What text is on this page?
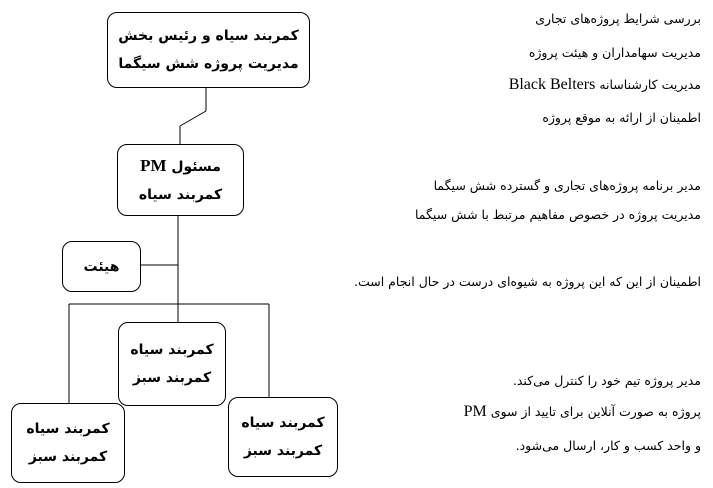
کمربند سیاه و رئیس بخش
مدیریت پروژه شش سیگما
مسئول PM
کمربند سیاه
هیئت
کمربند سیاه
کمربند سبز
کمربند سیاه
کمربند سبز
کمربند سیاه
کمربند سبز
بررسی شرایط پروژه‌های تجاری
مدیریت سهامداران و هیئت پروژه
مدیریت کارشناسانه Black Belters
اطمینان از ارائه به موقع پروژه
مدیر برنامه پروژه‌های تجاری و گسترده شش سیگما
مدیریت پروژه در خصوص مفاهیم مرتبط با شش سیگما
اطمینان از این که این پروژه به شیوه‌ای درست در حال انجام است.
مدیر پروژه تیم خود را کنترل می‌کند.
پروژه به صورت آنلاین برای تایید از سوی PM
و واحد کسب و کار، ارسال می‌شود.
